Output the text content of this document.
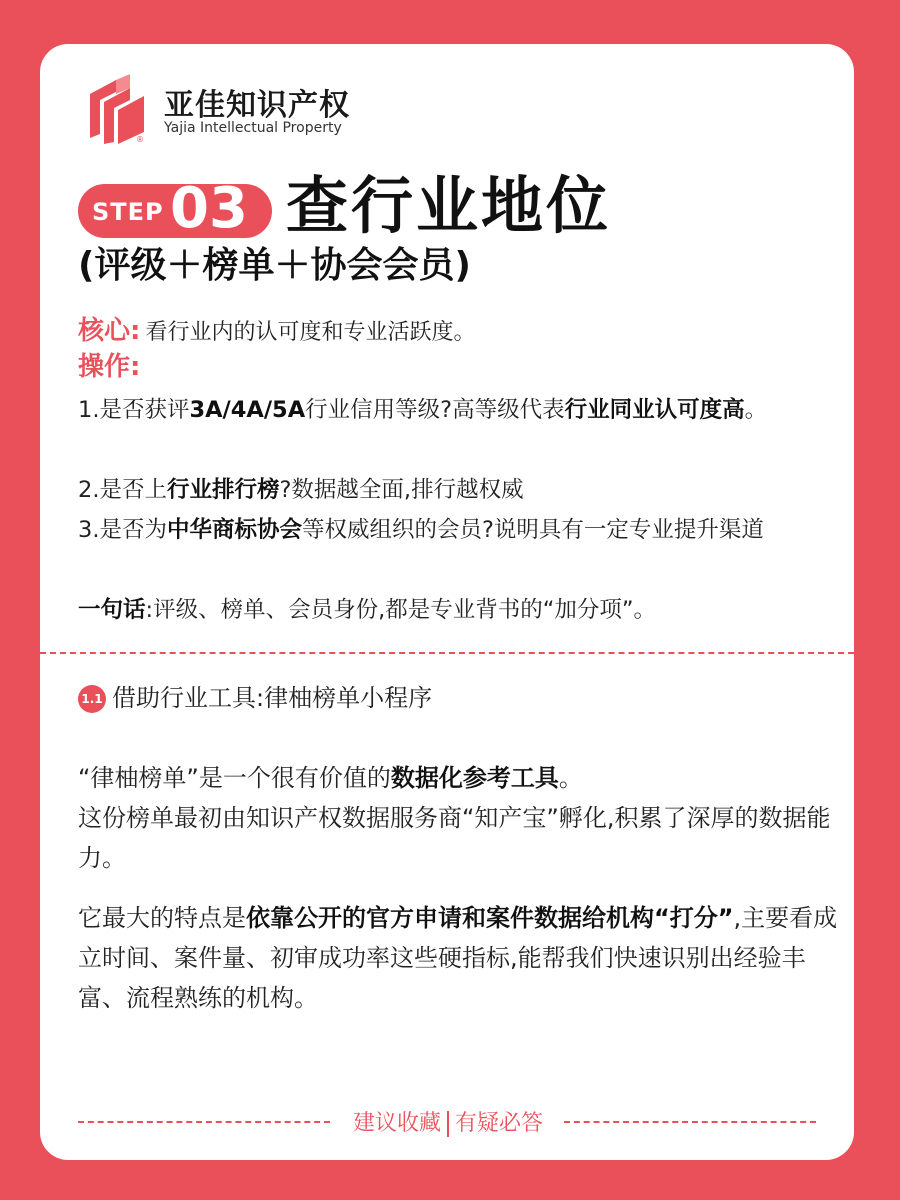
®
亚佳知识产权
Yajia Intellectual Property
STEP 03 查行业地位
(评级＋榜单＋协会会员)
核心: 看行业内的认可度和专业活跃度。
操作:
1.是否获评3A/4A/5A行业信用等级?高等级代表行业同业认可度高。
2.是否上行业排行榜?数据越全面,排行越权威
3.是否为中华商标协会等权威组织的会员?说明具有一定专业提升渠道
一句话:评级、榜单、会员身份,都是专业背书的“加分项”。
1.1 借助行业工具:律柚榜单小程序
“律柚榜单”是一个很有价值的数据化参考工具。
这份榜单最初由知识产权数据服务商“知产宝”孵化,积累了深厚的数据能力。
它最大的特点是依靠公开的官方申请和案件数据给机构“打分”,主要看成立时间、案件量、初审成功率这些硬指标,能帮我们快速识别出经验丰富、流程熟练的机构。
建议收藏 有疑必答
